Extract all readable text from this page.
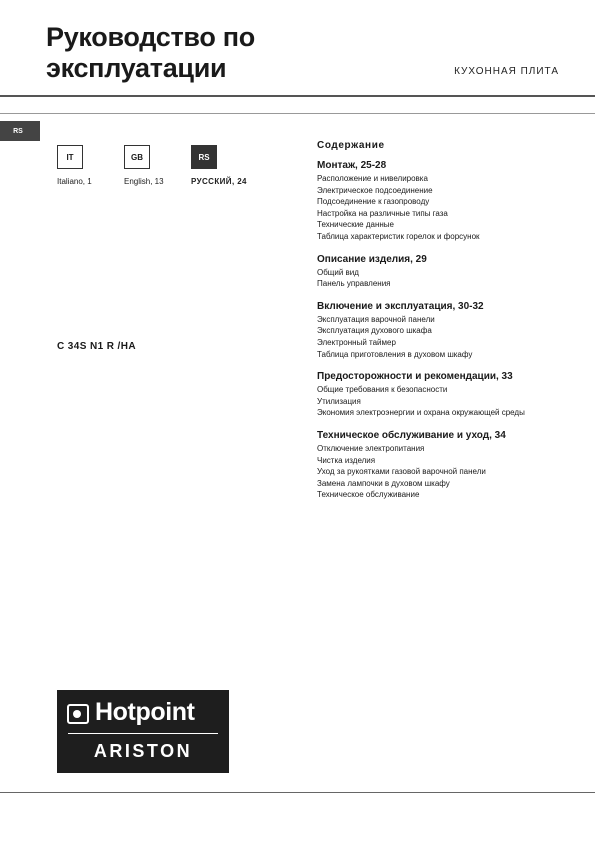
Руководство по
эксплуатации	КУХОННАЯ ПЛИТА
RS
IT	GB	RS
Italiano, 1	English, 13	РУССКИЙ, 24
C 34S N1 R /HA
Содержание
Монтаж, 25-28
Расположение и нивелировка
Электрическое подсоединение
Подсоединение к газопроводу
Настройка на различные типы газа
Технические данные
Таблица характеристик горелок и форсунок
Описание изделия, 29
Общий вид
Панель управления
Включение и эксплуатация, 30-32
Эксплуатация варочной панели
Эксплуатация духового шкафа
Электронный таймер
Таблица приготовления в духовом шкафу
Предосторожности и рекомендации, 33
Общие требования к безопасности
Утилизация
Экономия электроэнергии и охрана окружающей среды
Техническое обслуживание и уход, 34
Отключение электропитания
Чистка изделия
Уход за рукоятками газовой варочной панели
Замена лампочки в духовом шкафу
Техническое обслуживание
Hotpoint
ARISTON
